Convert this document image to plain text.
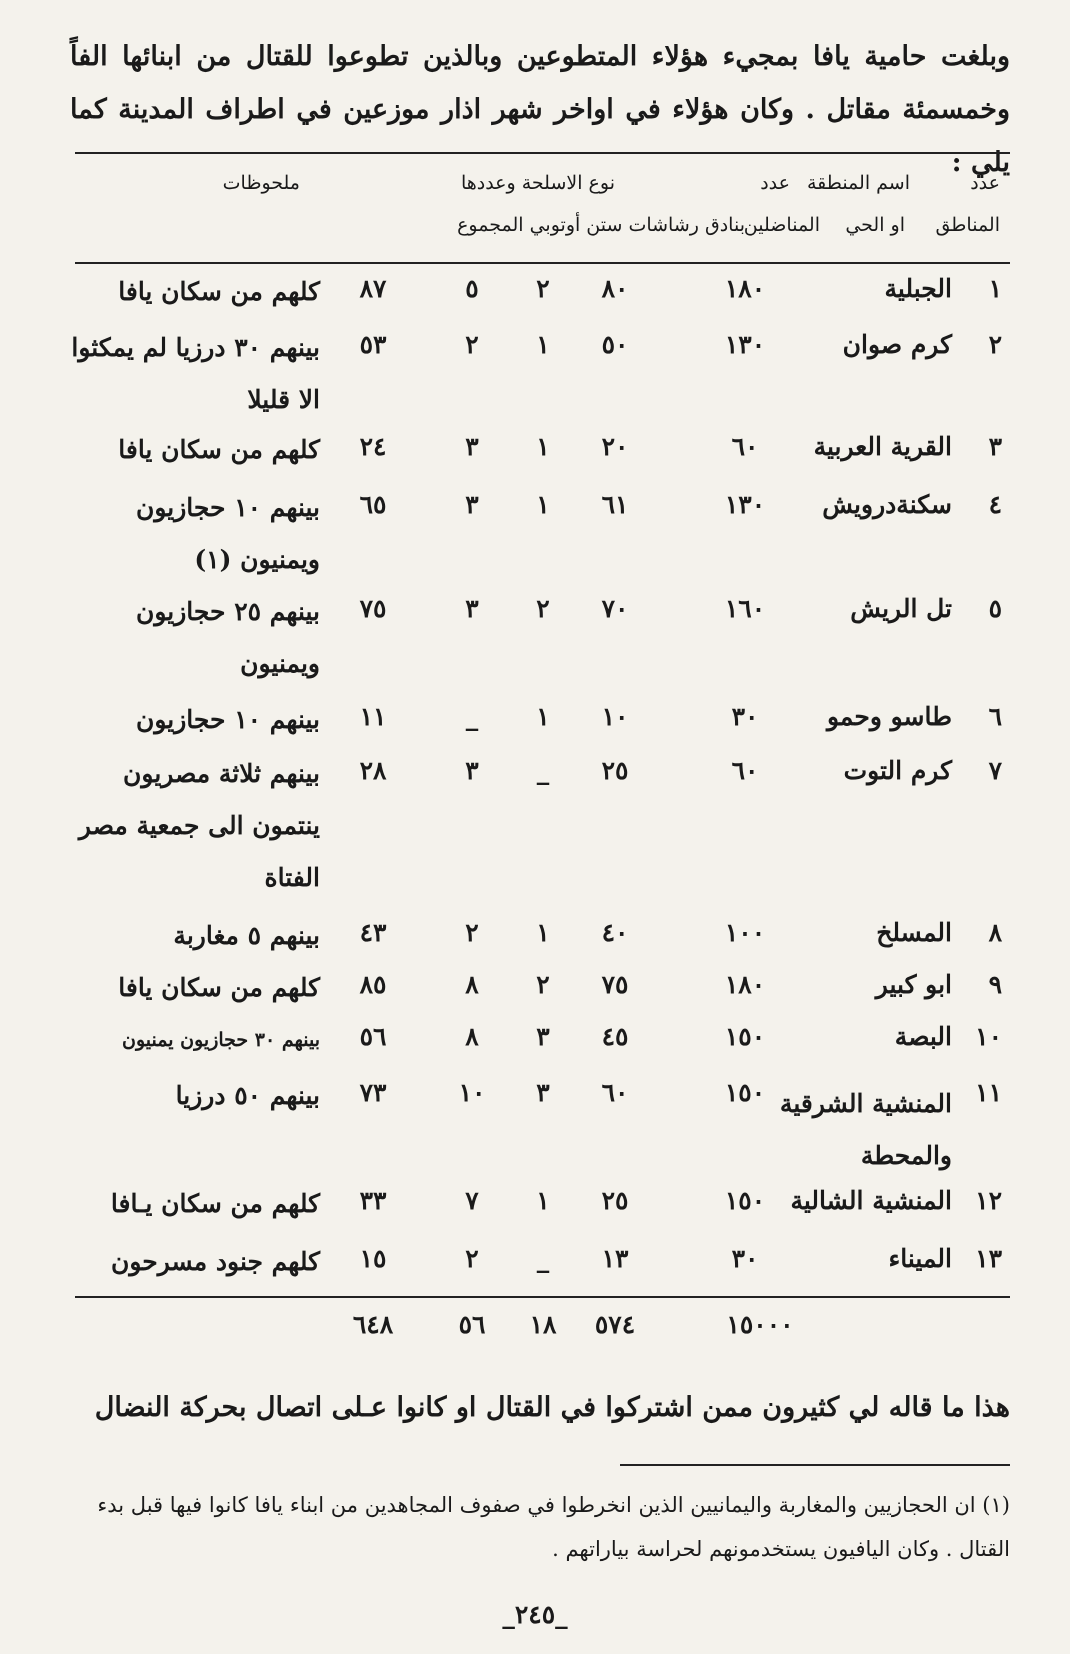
وبلغت حامية يافا بمجيء هؤلاء المتطوعين وبالذين تطوعوا للقتال من ابنائها الفاً وخمسمئة مقاتل . وكان هؤلاء في اواخر شهر اذار موزعين في اطراف المدينة كما يلي :
عدد
المناطق
اسم المنطقة
او الحي
عدد
المناضلين
نوع الاسلحة وعددها
بنادق رشاشات ستن أوتوبي المجموع
ملحوظات
١
الجبلية
١٨٠
٨٠
٢
٥
٨٧
كلهم من سكان يافا
٢
كرم صوان
١٣٠
٥٠
١
٢
٥٣
بينهم ٣٠ درزيا لم يمكثوا الا قليلا
٣
القرية العربية
٦٠
٢٠
١
٣
٢٤
كلهم من سكان يافا
٤
سكنةدرويش
١٣٠
٦١
١
٣
٦٥
بينهم ١٠ حجازيون ويمنيون (١)
٥
تل الريش
١٦٠
٧٠
٢
٣
٧٥
بينهم ٢٥ حجازيون ويمنيون
٦
طاسو وحمو
٣٠
١٠
١
_
١١
بينهم ١٠ حجازيون
٧
كرم التوت
٦٠
٢٥
_
٣
٢٨
بينهم ثلاثة مصريون ينتمون الى جمعية مصر الفتاة
٨
المسلخ
١٠٠
٤٠
١
٢
٤٣
بينهم ٥ مغاربة
٩
ابو كبير
١٨٠
٧٥
٢
٨
٨٥
كلهم من سكان يافا
١٠
البصة
١٥٠
٤٥
٣
٨
٥٦
بينهم ٣٠ حجازيون يمنيون
١١
المنشية الشرقية والمحطة
١٥٠
٦٠
٣
١٠
٧٣
بينهم ٥٠ درزيا
١٢
المنشية الشالية
١٥٠
٢٥
١
٧
٣٣
كلهم من سكان يـافا
١٣
الميناء
٣٠
١٣
_
٢
١٥
كلهم جنود مسرحون
١٥٠٠٠
٥٧٤
١٨
٥٦
٦٤٨
هذا ما قاله لي كثيرون ممن اشتركوا في القتال او كانوا عـلى اتصال بحركة النضال
(١) ان الحجازيين والمغاربة واليمانيين الذين انخرطوا في صفوف المجاهدين من ابناء يافا كانوا فيها قبل بدء القتال . وكان اليافيون يستخدمونهم لحراسة بياراتهم .
_٢٤٥_
